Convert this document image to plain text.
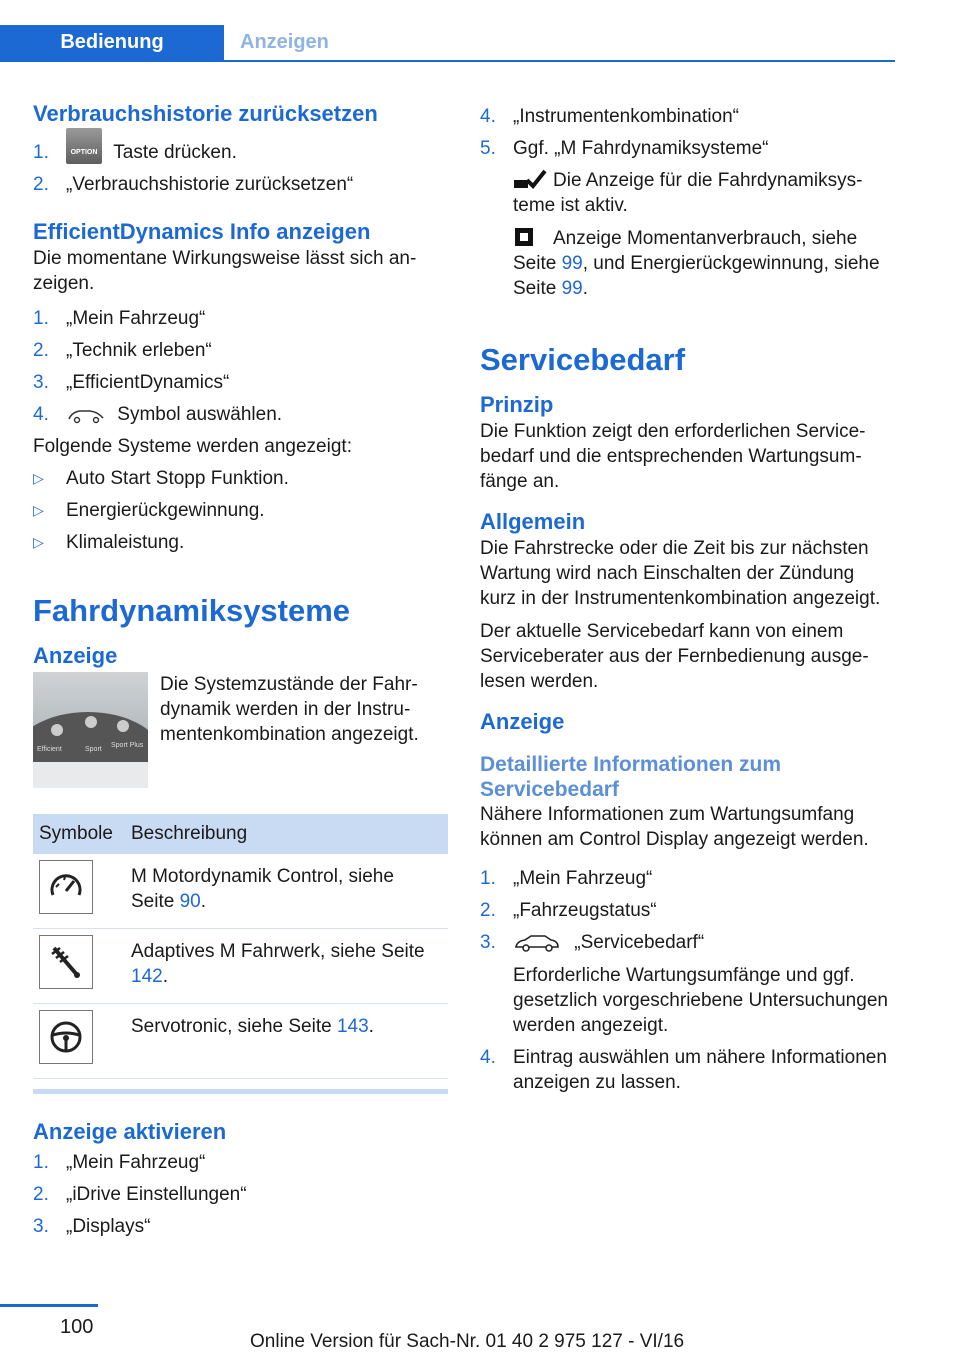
Bedienung	Anzeigen
Verbrauchshistorie zurücksetzen
1.	OPTION Taste drücken.
2. „Verbrauchshistorie zurücksetzen“
EfficientDynamics Info anzeigen

Die momentane Wirkungsweise lässt sich anzeigen.

1. „Mein Fahrzeug“
2. „Technik erleben“
3. „EfficientDynamics“
4.	Symbol auswählen.

Folgende Systeme werden angezeigt:

▷	Auto Start Stopp Funktion.
▷	Energierückgewinnung.
▷	Klimaleistung.
Fahrdynamiksysteme
Anzeige
Efficient	Sport
Sport Plus

Die Systemzustände der Fahrdynamik werden in der Instrumentenkombination angezeigt.

Symbole	Beschreibung

	M Motordynamik Control, siehe Seite 90.

	Adaptives M Fahrwerk, siehe Seite 142.

	Servotronic, siehe Seite 143.
Anzeige aktivieren
1. „Mein Fahrzeug“
2. „iDrive Einstellungen“
3. „Displays“
4. „Instrumentenkombination“
5. Ggf. „M Fahrdynamiksysteme“

Die Anzeige für die Fahrdynamiksysteme ist aktiv.

Anzeige Momentanverbrauch, siehe Seite 99, und Energierückgewinnung, siehe Seite 99.

Servicebedarf
Prinzip

Die Funktion zeigt den erforderlichen Servicebedarf und die entsprechenden Wartungsumfänge an.

Allgemein

Die Fahrstrecke oder die Zeit bis zur nächsten Wartung wird nach Einschalten der Zündung kurz in der Instrumentenkombination angezeigt.

Der aktuelle Servicebedarf kann von einem Serviceberater aus der Fernbedienung ausgelesen werden.

Anzeige
Detaillierte Informationen zum Servicebedarf

Nähere Informationen zum Wartungsumfang können am Control Display angezeigt werden.

1. „Mein Fahrzeug“
2. „Fahrzeugstatus“
3.	„Servicebedarf“
Erforderliche Wartungsumfänge und ggf. gesetzlich vorgeschriebene Untersuchungen werden angezeigt.
4. Eintrag auswählen um nähere Informationen anzeigen zu lassen.
100
Online Version für Sach-Nr. 01 40 2 975 127 - VI/16
